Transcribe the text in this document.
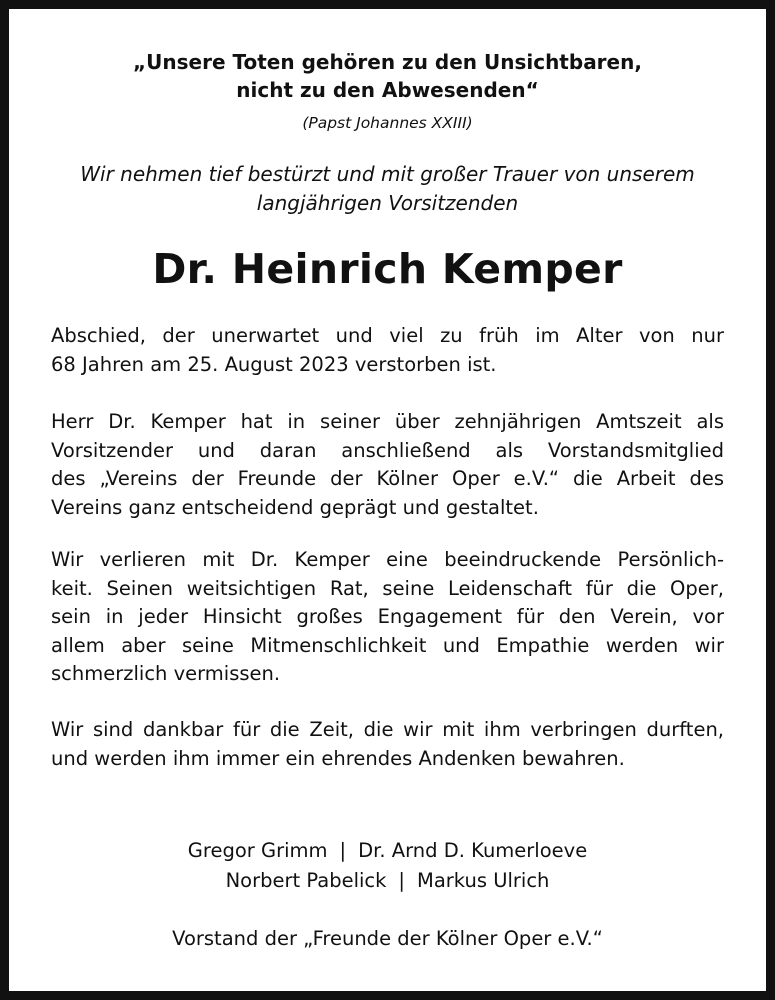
„Unsere Toten gehören zu den Unsichtbaren,
nicht zu den Abwesenden“
(Papst Johannes XXIII)
Wir nehmen tief bestürzt und mit großer Trauer von unserem
langjährigen Vorsitzenden
Dr. Heinrich Kemper
Abschied, der unerwartet und viel zu früh im Alter von nur
68 Jahren am 25. August 2023 verstorben ist.
Herr Dr. Kemper hat in seiner über zehnjährigen Amtszeit als
Vorsitzender und daran anschließend als Vorstandsmitglied
des „Vereins der Freunde der Kölner Oper e.V.“ die Arbeit des
Vereins ganz entscheidend geprägt und gestaltet.
Wir verlieren mit Dr. Kemper eine beeindruckende Persönlich-
keit. Seinen weitsichtigen Rat, seine Leidenschaft für die Oper,
sein in jeder Hinsicht großes Engagement für den Verein, vor
allem aber seine Mitmenschlichkeit und Empathie werden wir
schmerzlich vermissen.
Wir sind dankbar für die Zeit, die wir mit ihm verbringen durften,
und werden ihm immer ein ehrendes Andenken bewahren.
Gregor Grimm | Dr. Arnd D. Kumerloeve
Norbert Pabelick | Markus Ulrich
Vorstand der „Freunde der Kölner Oper e.V.“
